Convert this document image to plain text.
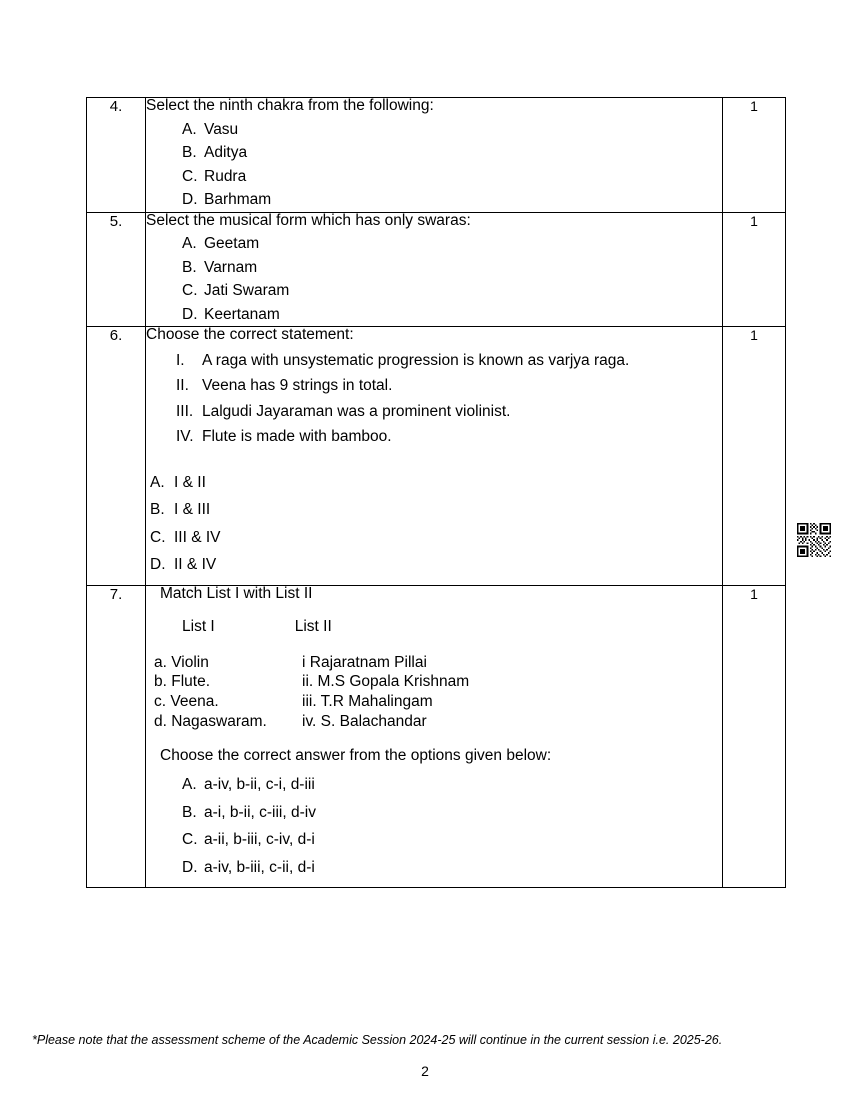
4.	Select the ninth chakra from the following:

A. Vasu
B. Aditya
C. Rudra
D. Barhmam
	1
5.	Select the musical form which has only swaras:

A. Geetam
B. Varnam
C. Jati Swaram
D. Keertanam
	1
6.	Choose the correct statement:

I. A raga with unsystematic progression is known as varjya raga.
II. Veena has 9 strings in total.
III. Lalgudi Jayaraman was a prominent violinist.
IV. Flute is made with bamboo.
A. I & II
B. I & III
C. III & IV
D. II & IV
	1
7.	Match List I with List II
List I	List II
a. Violin	i Rajaratnam Pillai
b. Flute.	ii. M.S Gopala Krishnam
c. Veena.	iii. T.R Mahalingam
d. Nagaswaram. iv. S. Balachandar
Choose the correct answer from the options given below:
A. a-iv, b-ii, c-i, d-iii
B. a-i, b-ii, c-iii, d-iv
C. a-ii, b-iii, c-iv, d-i
D. a-iv, b-iii, c-ii, d-i
	1
*Please note that the assessment scheme of the Academic Session 2024-25 will continue in the current session i.e. 2025-26.
2
